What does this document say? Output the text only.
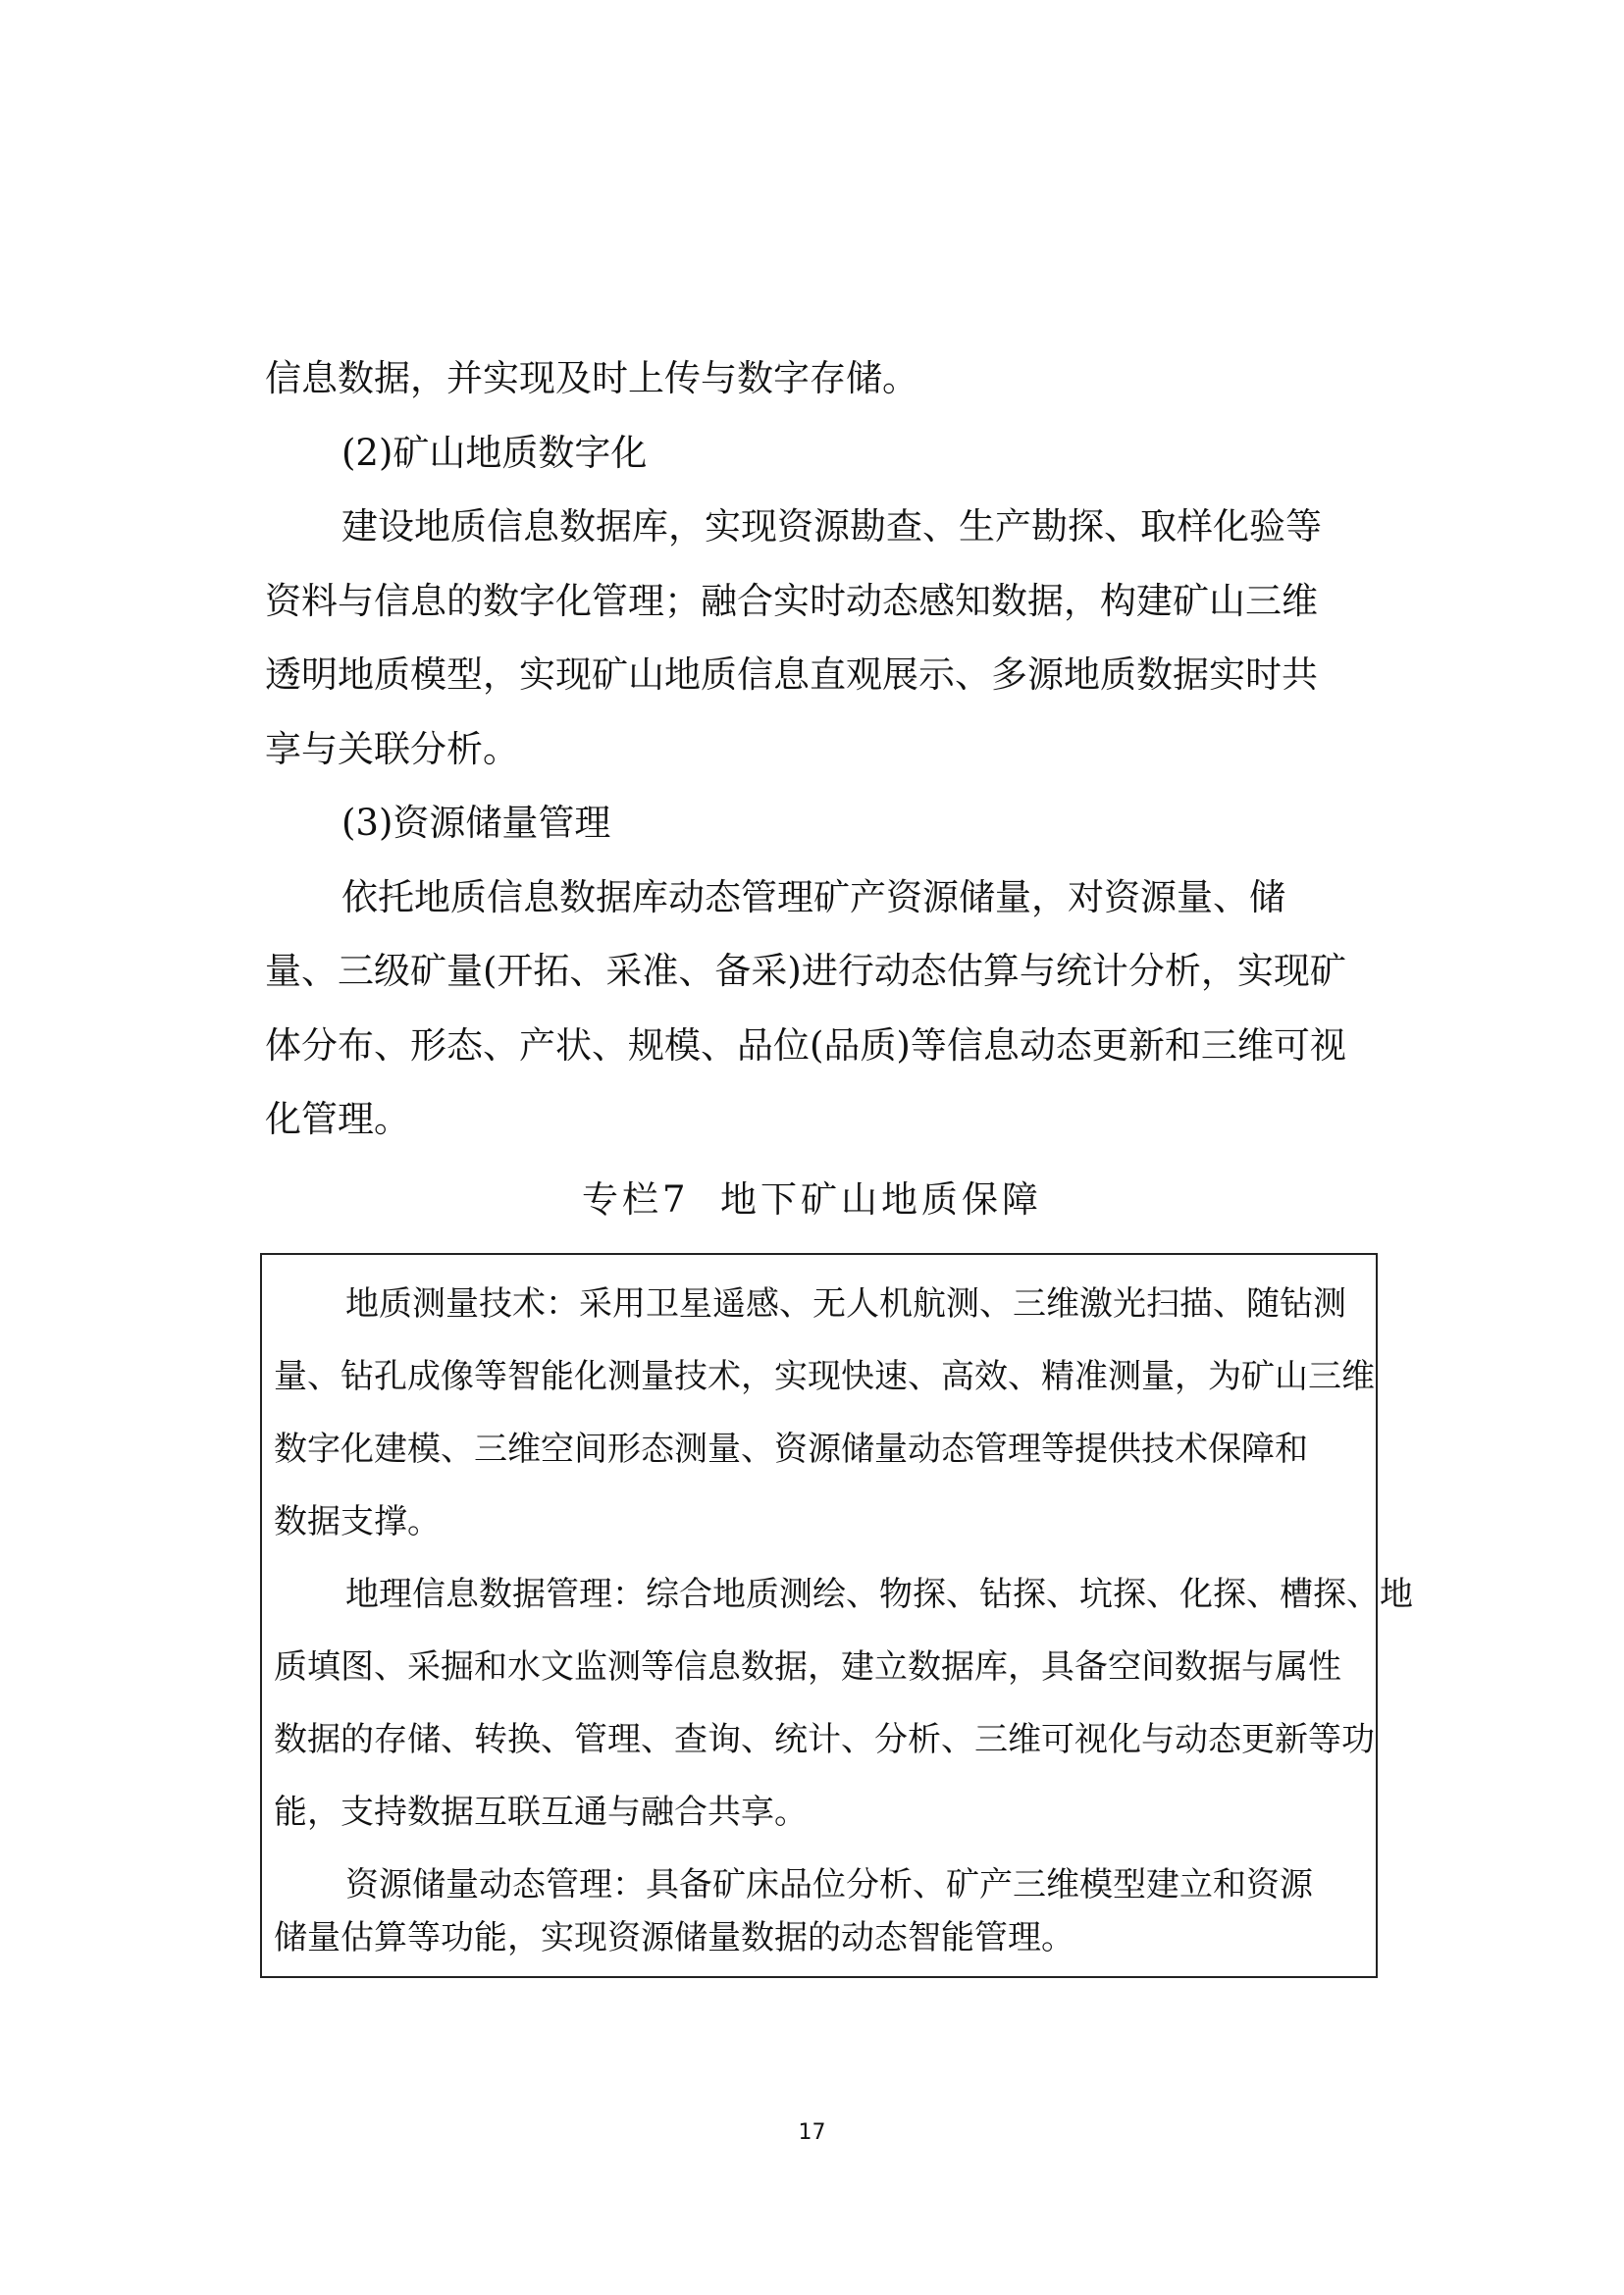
信息数据，并实现及时上传与数字存储。
(2)矿山地质数字化
建设地质信息数据库，实现资源勘查、生产勘探、取样化验等
资料与信息的数字化管理；融合实时动态感知数据，构建矿山三维
透明地质模型，实现矿山地质信息直观展示、多源地质数据实时共
享与关联分析。
(3)资源储量管理
依托地质信息数据库动态管理矿产资源储量，对资源量、储
量、三级矿量(开拓、采准、备采)进行动态估算与统计分析，实现矿
体分布、形态、产状、规模、品位(品质)等信息动态更新和三维可视
化管理。
专栏7  地下矿山地质保障
地质测量技术：采用卫星遥感、无人机航测、三维激光扫描、随钻测
量、钻孔成像等智能化测量技术，实现快速、高效、精准测量，为矿山三维
数字化建模、三维空间形态测量、资源储量动态管理等提供技术保障和
数据支撑。
地理信息数据管理：综合地质测绘、物探、钻探、坑探、化探、槽探、地
质填图、采掘和水文监测等信息数据，建立数据库，具备空间数据与属性
数据的存储、转换、管理、查询、统计、分析、三维可视化与动态更新等功
能，支持数据互联互通与融合共享。
资源储量动态管理：具备矿床品位分析、矿产三维模型建立和资源
储量估算等功能，实现资源储量数据的动态智能管理。
17
